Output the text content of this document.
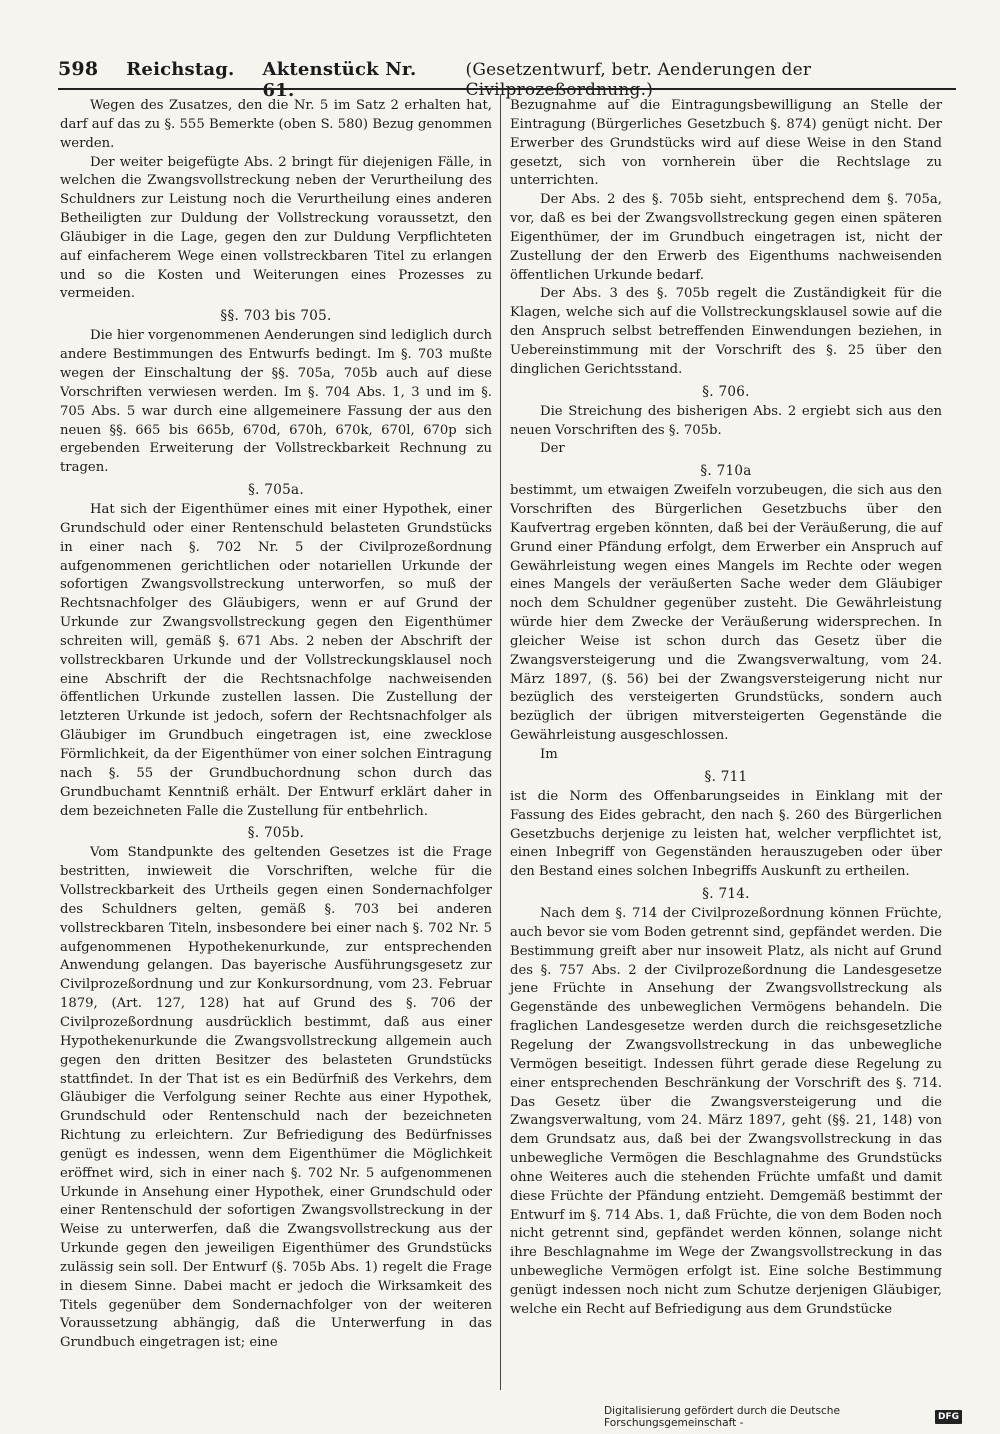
598 Reichstag. Aktenstück Nr. 61.
(Gesetzentwurf, betr. Aenderungen der Civilprozeßordnung.)

Wegen des Zusatzes, den die Nr. 5 im Satz 2 erhalten hat, darf auf das zu §. 555 Bemerkte (oben S. 580) Bezug genommen werden.

Der weiter beigefügte Abs. 2 bringt für diejenigen Fälle, in welchen die Zwangsvollstreckung neben der Verurtheilung des Schuldners zur Leistung noch die Verurtheilung eines anderen Betheiligten zur Duldung der Vollstreckung voraussetzt, den Gläubiger in die Lage, gegen den zur Duldung Verpflichteten auf einfacherem Wege einen vollstreckbaren Titel zu erlangen und so die Kosten und Weiterungen eines Prozesses zu vermeiden.

§§. 703 bis 705.

Die hier vorgenommenen Aenderungen sind lediglich durch andere Bestimmungen des Entwurfs bedingt. Im §. 703 mußte wegen der Einschaltung der §§. 705a, 705b auch auf diese Vorschriften verwiesen werden. Im §. 704 Abs. 1, 3 und im §. 705 Abs. 5 war durch eine allgemeinere Fassung der aus den neuen §§. 665 bis 665b, 670d, 670h, 670k, 670l, 670p sich ergebenden Erweiterung der Vollstreckbarkeit Rechnung zu tragen.

§. 705a.

Hat sich der Eigenthümer eines mit einer Hypothek, einer Grundschuld oder einer Rentenschuld belasteten Grundstücks in einer nach §. 702 Nr. 5 der Civilprozeßordnung aufgenommenen gerichtlichen oder notariellen Urkunde der sofortigen Zwangsvollstreckung unterworfen, so muß der Rechtsnachfolger des Gläubigers, wenn er auf Grund der Urkunde zur Zwangsvollstreckung gegen den Eigenthümer schreiten will, gemäß §. 671 Abs. 2 neben der Abschrift der vollstreckbaren Urkunde und der Vollstreckungsklausel noch eine Abschrift der die Rechtsnachfolge nachweisenden öffentlichen Urkunde zustellen lassen. Die Zustellung der letzteren Urkunde ist jedoch, sofern der Rechtsnachfolger als Gläubiger im Grundbuch eingetragen ist, eine zwecklose Förmlichkeit, da der Eigenthümer von einer solchen Eintragung nach §. 55 der Grundbuchordnung schon durch das Grundbuchamt Kenntniß erhält. Der Entwurf erklärt daher in dem bezeichneten Falle die Zustellung für entbehrlich.

§. 705b.

Vom Standpunkte des geltenden Gesetzes ist die Frage bestritten, inwieweit die Vorschriften, welche für die Vollstreckbarkeit des Urtheils gegen einen Sondernachfolger des Schuldners gelten, gemäß §. 703 bei anderen vollstreckbaren Titeln, insbesondere bei einer nach §. 702 Nr. 5 aufgenommenen Hypothekenurkunde, zur entsprechenden Anwendung gelangen. Das bayerische Ausführungsgesetz zur Civilprozeßordnung und zur Konkursordnung, vom 23. Februar 1879, (Art. 127, 128) hat auf Grund des §. 706 der Civilprozeßordnung ausdrücklich bestimmt, daß aus einer Hypothekenurkunde die Zwangsvollstreckung allgemein auch gegen den dritten Besitzer des belasteten Grundstücks stattfindet. In der That ist es ein Bedürfniß des Verkehrs, dem Gläubiger die Verfolgung seiner Rechte aus einer Hypothek, Grundschuld oder Rentenschuld nach der bezeichneten Richtung zu erleichtern. Zur Befriedigung des Bedürfnisses genügt es indessen, wenn dem Eigenthümer die Möglichkeit eröffnet wird, sich in einer nach §. 702 Nr. 5 aufgenommenen Urkunde in Ansehung einer Hypothek, einer Grundschuld oder einer Rentenschuld der sofortigen Zwangsvollstreckung in der Weise zu unterwerfen, daß die Zwangsvollstreckung aus der Urkunde gegen den jeweiligen Eigenthümer des Grundstücks zulässig sein soll. Der Entwurf (§. 705b Abs. 1) regelt die Frage in diesem Sinne. Dabei macht er jedoch die Wirksamkeit des Titels gegenüber dem Sondernachfolger von der weiteren Voraussetzung abhängig, daß die Unterwerfung in das Grundbuch eingetragen ist; eine

Bezugnahme auf die Eintragungsbewilligung an Stelle der Eintragung (Bürgerliches Gesetzbuch §. 874) genügt nicht. Der Erwerber des Grundstücks wird auf diese Weise in den Stand gesetzt, sich von vornherein über die Rechtslage zu unterrichten.

Der Abs. 2 des §. 705b sieht, entsprechend dem §. 705a, vor, daß es bei der Zwangsvollstreckung gegen einen späteren Eigenthümer, der im Grundbuch eingetragen ist, nicht der Zustellung der den Erwerb des Eigenthums nachweisenden öffentlichen Urkunde bedarf.

Der Abs. 3 des §. 705b regelt die Zuständigkeit für die Klagen, welche sich auf die Vollstreckungsklausel sowie auf die den Anspruch selbst betreffenden Einwendungen beziehen, in Uebereinstimmung mit der Vorschrift des §. 25 über den dinglichen Gerichtsstand.

§. 706.

Die Streichung des bisherigen Abs. 2 ergiebt sich aus den neuen Vorschriften des §. 705b.

Der

§. 710a

bestimmt, um etwaigen Zweifeln vorzubeugen, die sich aus den Vorschriften des Bürgerlichen Gesetzbuchs über den Kaufvertrag ergeben könnten, daß bei der Veräußerung, die auf Grund einer Pfändung erfolgt, dem Erwerber ein Anspruch auf Gewährleistung wegen eines Mangels im Rechte oder wegen eines Mangels der veräußerten Sache weder dem Gläubiger noch dem Schuldner gegenüber zusteht. Die Gewährleistung würde hier dem Zwecke der Veräußerung widersprechen. In gleicher Weise ist schon durch das Gesetz über die Zwangsversteigerung und die Zwangsverwaltung, vom 24. März 1897, (§. 56) bei der Zwangsversteigerung nicht nur bezüglich des versteigerten Grundstücks, sondern auch bezüglich der übrigen mitversteigerten Gegenstände die Gewährleistung ausgeschlossen.

Im

§. 711

ist die Norm des Offenbarungseides in Einklang mit der Fassung des Eides gebracht, den nach §. 260 des Bürgerlichen Gesetzbuchs derjenige zu leisten hat, welcher verpflichtet ist, einen Inbegriff von Gegenständen herauszugeben oder über den Bestand eines solchen Inbegriffs Auskunft zu ertheilen.

§. 714.

Nach dem §. 714 der Civilprozeßordnung können Früchte, auch bevor sie vom Boden getrennt sind, gepfändet werden. Die Bestimmung greift aber nur insoweit Platz, als nicht auf Grund des §. 757 Abs. 2 der Civilprozeßordnung die Landesgesetze jene Früchte in Ansehung der Zwangsvollstreckung als Gegenstände des unbeweglichen Vermögens behandeln. Die fraglichen Landesgesetze werden durch die reichsgesetzliche Regelung der Zwangsvollstreckung in das unbewegliche Vermögen beseitigt. Indessen führt gerade diese Regelung zu einer entsprechenden Beschränkung der Vorschrift des §. 714. Das Gesetz über die Zwangsversteigerung und die Zwangsverwaltung, vom 24. März 1897, geht (§§. 21, 148) von dem Grundsatz aus, daß bei der Zwangsvollstreckung in das unbewegliche Vermögen die Beschlagnahme des Grundstücks ohne Weiteres auch die stehenden Früchte umfaßt und damit diese Früchte der Pfändung entzieht. Demgemäß bestimmt der Entwurf im §. 714 Abs. 1, daß Früchte, die von dem Boden noch nicht getrennt sind, gepfändet werden können, solange nicht ihre Beschlagnahme im Wege der Zwangsvollstreckung in das unbewegliche Vermögen erfolgt ist. Eine solche Bestimmung genügt indessen noch nicht zum Schutze derjenigen Gläubiger, welche ein Recht auf Befriedigung aus dem Grundstücke

Digitalisierung gefördert durch die Deutsche Forschungsgemeinschaft -	DFG
